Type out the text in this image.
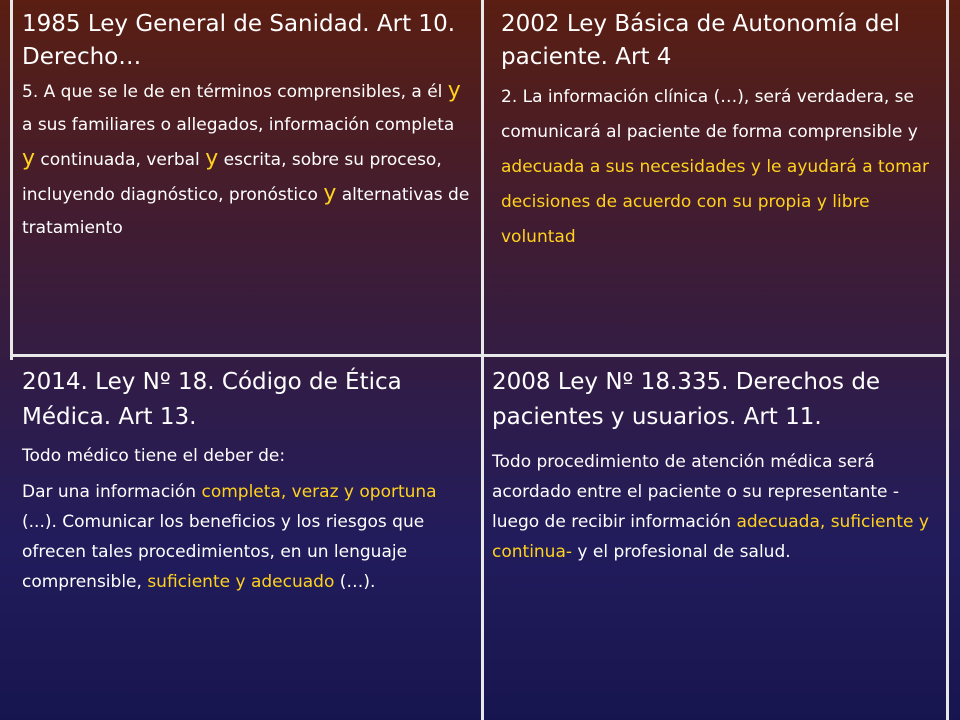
1985 Ley General de Sanidad. Art 10. Derecho…

5. A que se le de en términos comprensibles, a él y a sus familiares o allegados, información completa y continuada, verbal y escrita, sobre su proceso, incluyendo diagnóstico, pronóstico y alternativas de tratamiento

2002 Ley Básica de Autonomía del paciente. Art 4

2. La información clínica (…), será verdadera, se comunicará al paciente de forma comprensible y adecuada a sus necesidades y le ayudará a tomar decisiones de acuerdo con su propia y libre voluntad

2014. Ley Nº 18. Código de Ética Médica. Art 13.

Todo médico tiene el deber de:

Dar una información completa, veraz y oportuna (...). Comunicar los beneficios y los riesgos que ofrecen tales procedimientos, en un lenguaje comprensible, suficiente y adecuado (…).

2008 Ley Nº 18.335. Derechos de pacientes y usuarios. Art 11.

Todo procedimiento de atención médica será acordado entre el paciente o su representante -luego de recibir información adecuada, suficiente y continua- y el profesional de salud.
